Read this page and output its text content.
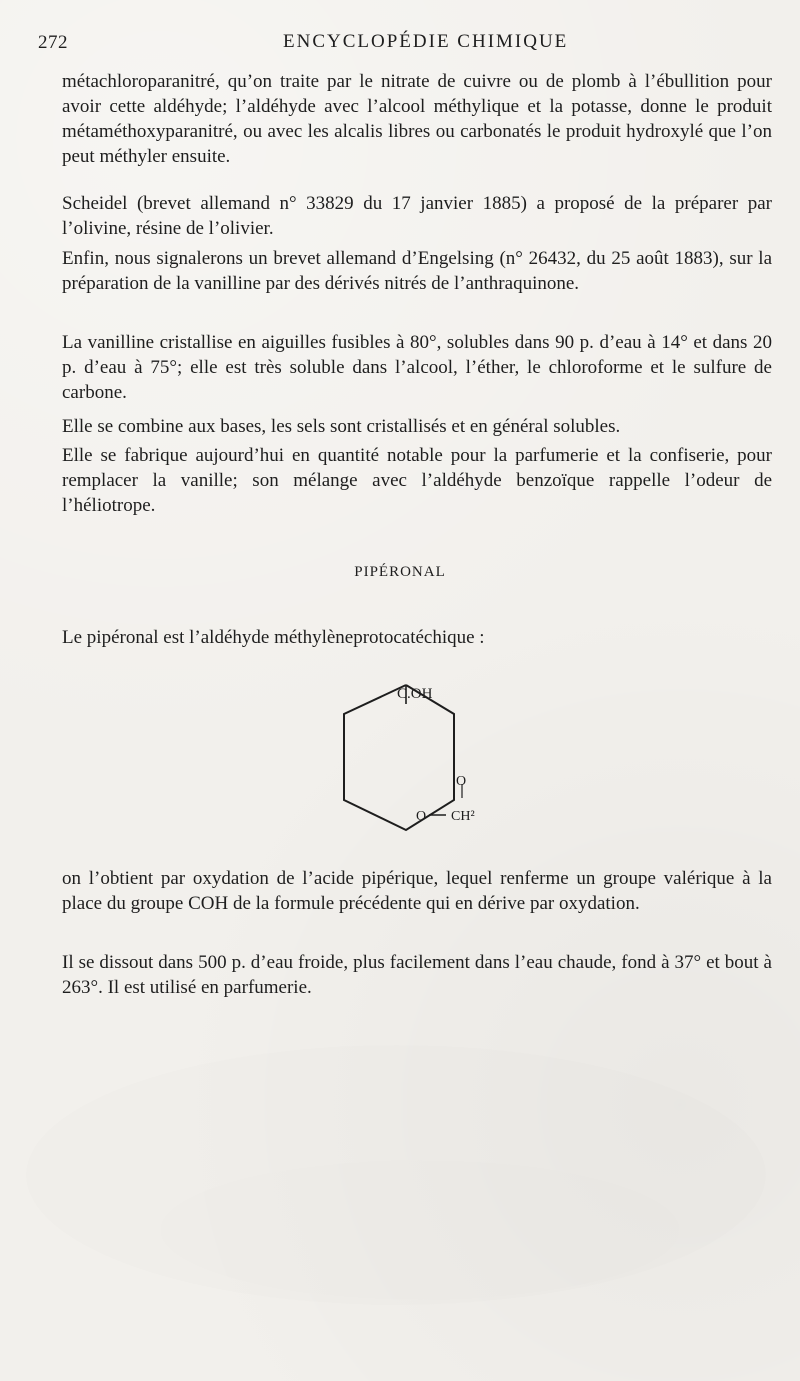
272	ENCYCLOPÉDIE CHIMIQUE
métachloroparanitré, qu’on traite par le nitrate de cuivre ou de plomb à l’ébullition pour avoir cette aldéhyde; l’aldéhyde avec l’alcool méthylique et la potasse, donne le produit métaméthoxyparanitré, ou avec les alcalis libres ou carbonatés le produit hydroxylé que l’on peut méthyler ensuite.
Scheidel (brevet allemand n° 33829 du 17 janvier 1885) a proposé de la préparer par l’olivine, résine de l’olivier.
Enfin, nous signalerons un brevet allemand d’Engelsing (n° 26432, du 25 août 1883), sur la préparation de la vanilline par des dérivés nitrés de l’anthraquinone.
La vanilline cristallise en aiguilles fusibles à 80°, solubles dans 90 p. d’eau à 14° et dans 20 p. d’eau à 75°; elle est très soluble dans l’alcool, l’éther, le chloroforme et le sulfure de carbone.
Elle se combine aux bases, les sels sont cristallisés et en général solubles.
Elle se fabrique aujourd’hui en quantité notable pour la parfumerie et la confiserie, pour remplacer la vanille; son mélange avec l’aldéhyde benzoïque rappelle l’odeur de l’héliotrope.
PIPÉRONAL
Le pipéronal est l’aldéhyde méthylèneprotocatéchique :
C.OH
O
O CH²
on l’obtient par oxydation de l’acide pipérique, lequel renferme un groupe valérique à la place du groupe COH de la formule précédente qui en dérive par oxydation.
Il se dissout dans 500 p. d’eau froide, plus facilement dans l’eau chaude, fond à 37° et bout à 263°. Il est utilisé en parfumerie.
